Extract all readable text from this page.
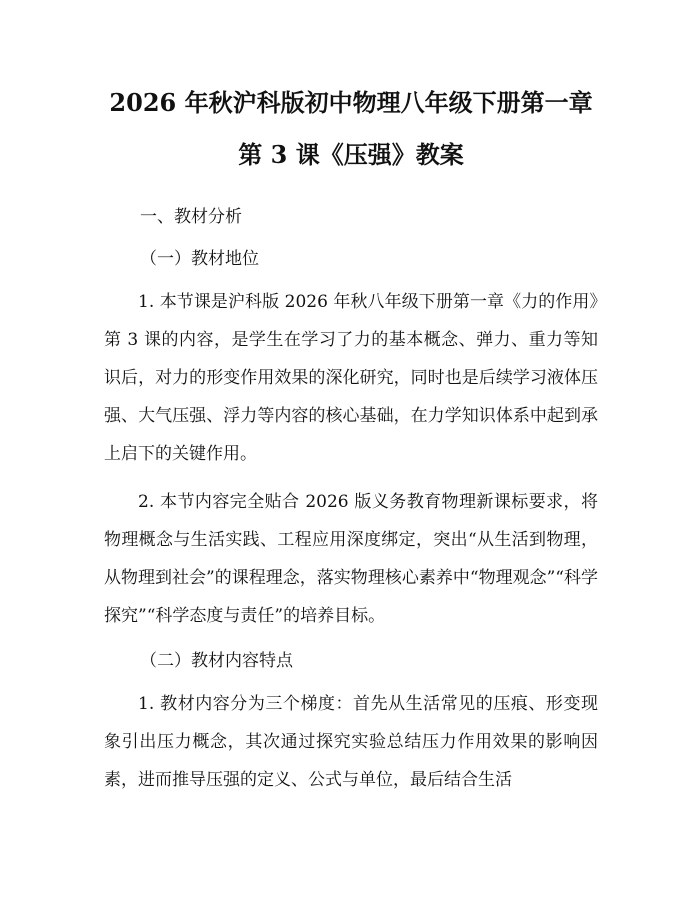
2026 年秋沪科版初中物理八年级下册第一章
第 3 课《压强》教案

一、教材分析

（一）教材地位

1. 本节课是沪科版 2026 年秋八年级下册第一章《力的作用》第 3 课的内容，是学生在学习了力的基本概念、弹力、重力等知识后，对力的形变作用效果的深化研究，同时也是后续学习液体压强、大气压强、浮力等内容的核心基础，在力学知识体系中起到承上启下的关键作用。

2. 本节内容完全贴合 2026 版义务教育物理新课标要求，将物理概念与生活实践、工程应用深度绑定，突出“从生活到物理，从物理到社会”的课程理念，落实物理核心素养中“物理观念”“科学探究”“科学态度与责任”的培养目标。

（二）教材内容特点

1. 教材内容分为三个梯度：首先从生活常见的压痕、形变现象引出压力概念，其次通过探究实验总结压力作用效果的影响因素，进而推导压强的定义、公式与单位，最后结合生活
